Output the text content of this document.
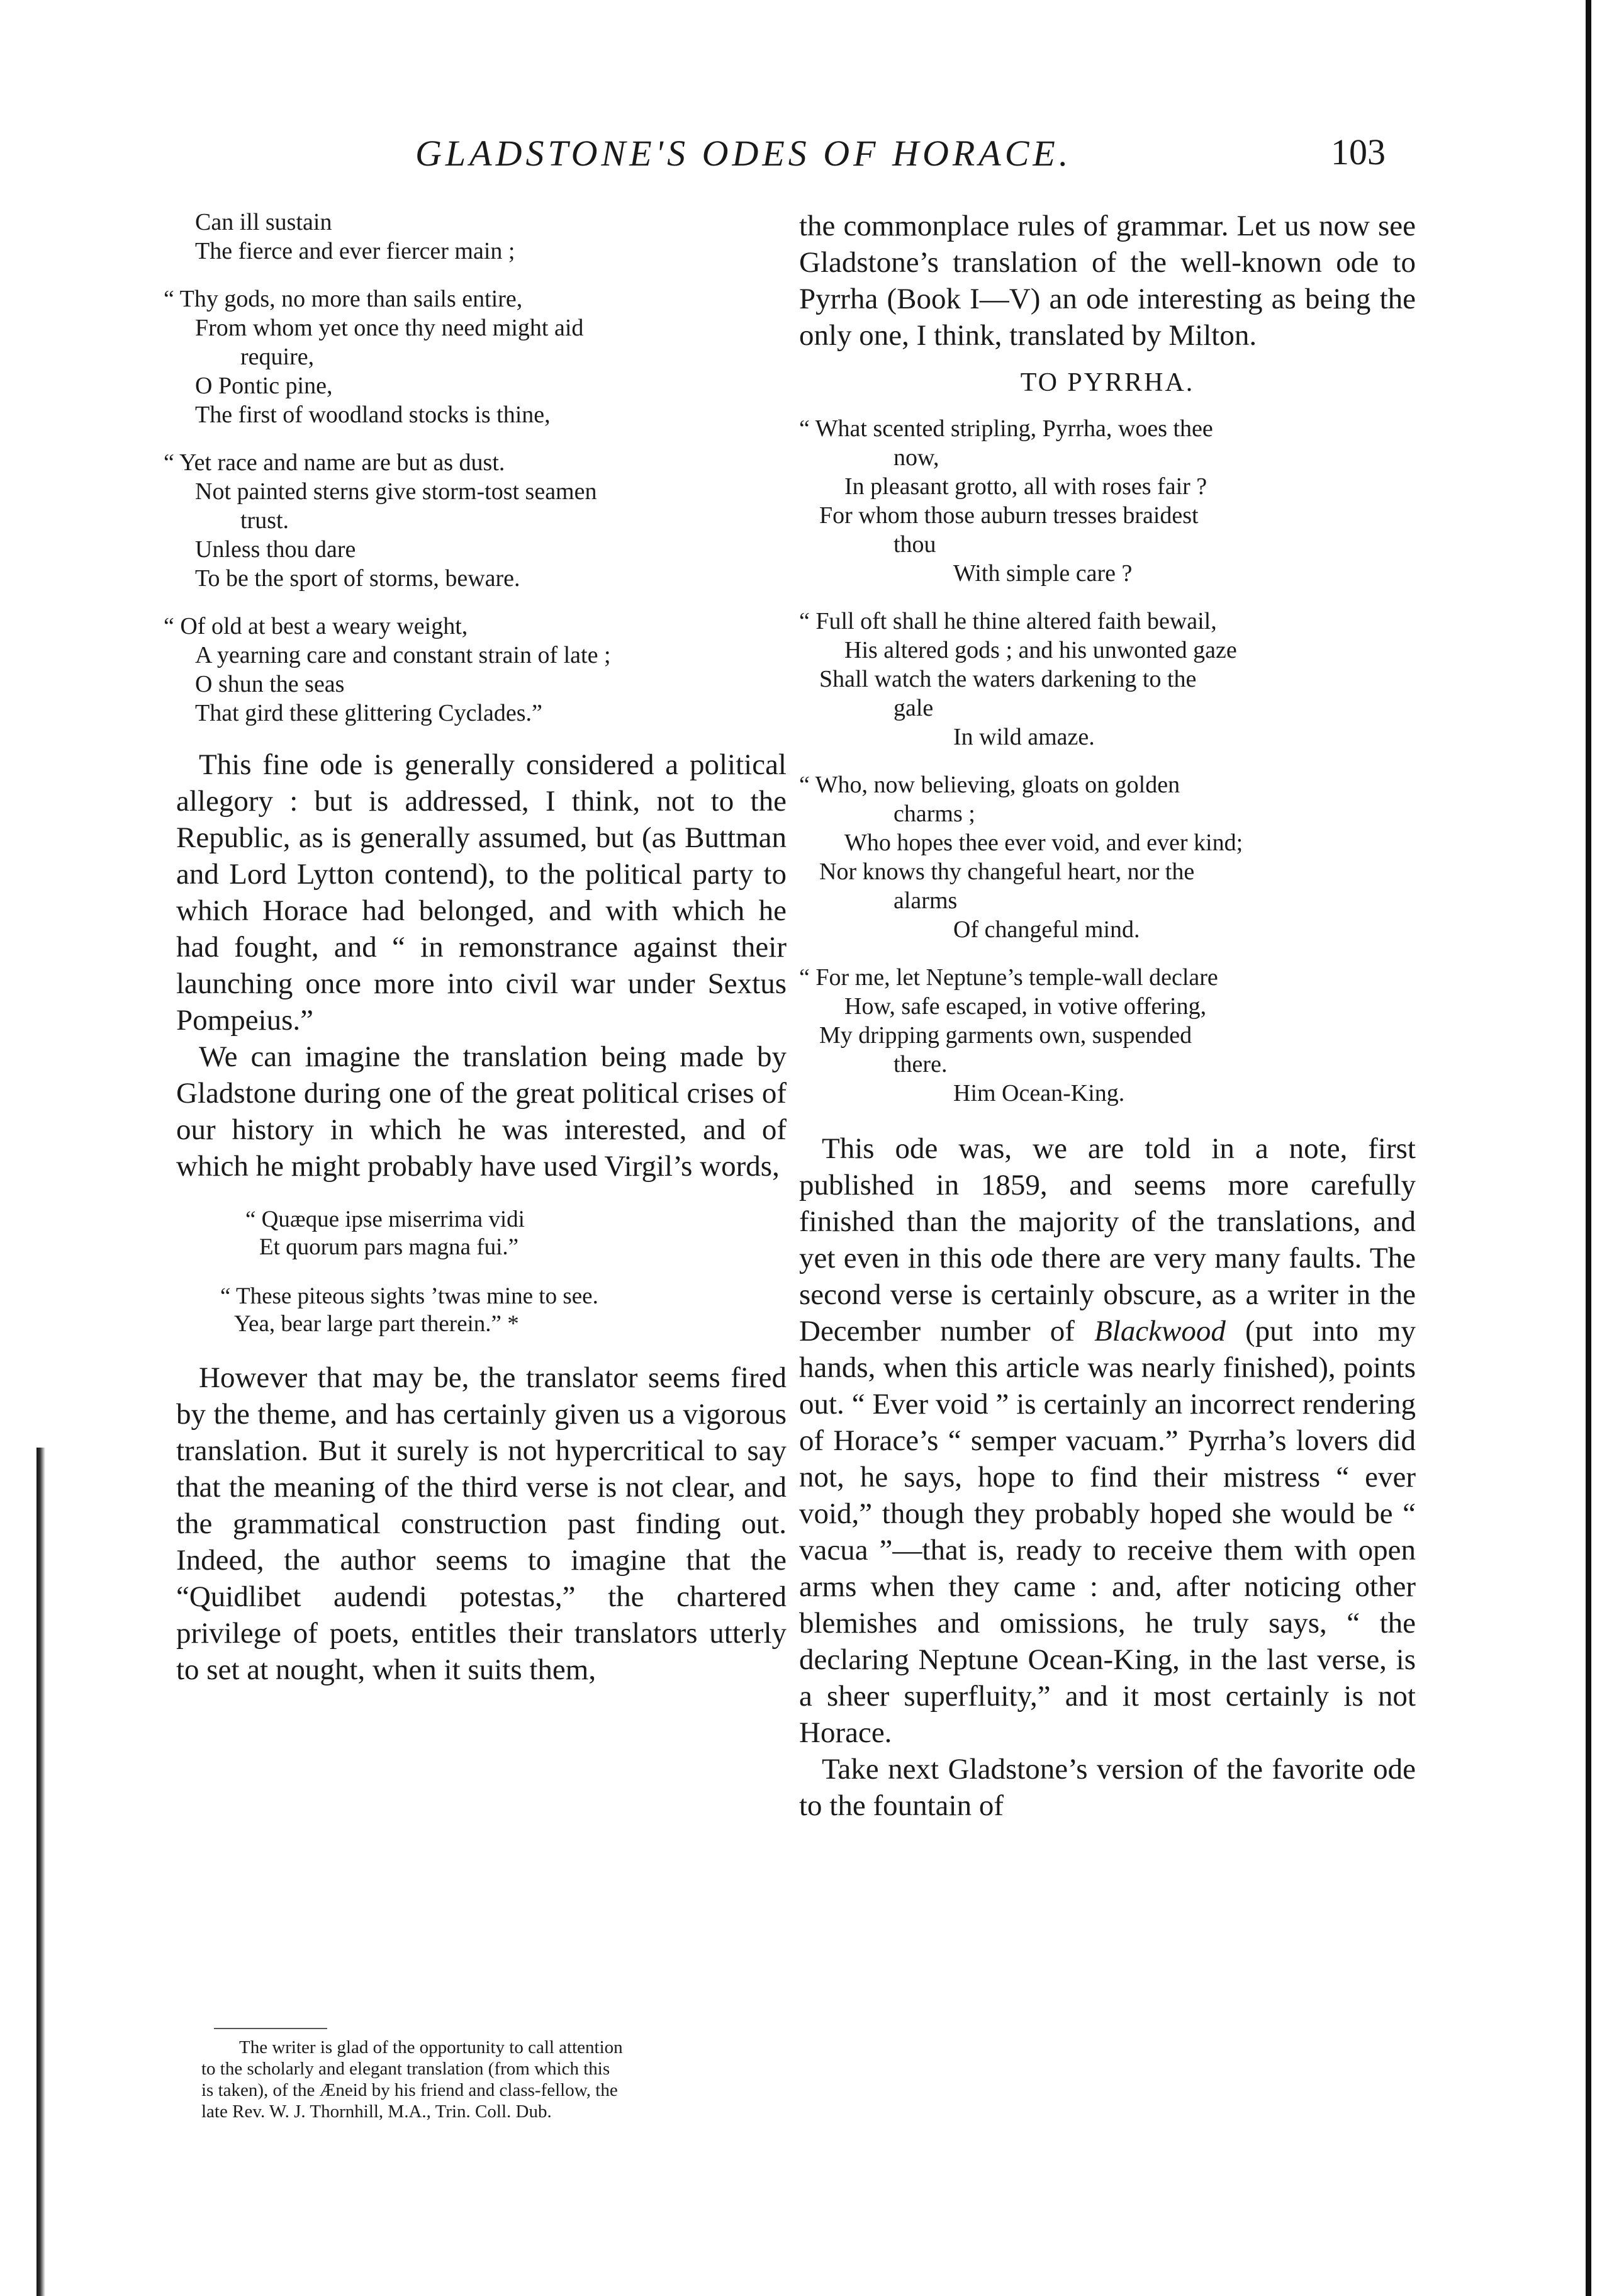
GLADSTONE'S ODES OF HORACE.	103

Can ill sustain

The fierce and ever fiercer main ;

“ Thy gods, no more than sails entire,

From whom yet once thy need might aid

require,

O Pontic pine,

The first of woodland stocks is thine,

“ Yet race and name are but as dust.

Not painted sterns give storm-tost seamen

trust.

Unless thou dare

To be the sport of storms, beware.

“ Of old at best a weary weight,

A yearning care and constant strain of late ;

O shun the seas

That gird these glittering Cyclades.”

This fine ode is generally considered a political allegory : but is addressed, I think, not to the Republic, as is generally assumed, but (as Buttman and Lord Lytton contend), to the political party to which Horace had belonged, and with which he had fought, and “ in remonstrance against their launching once more into civil war under Sextus Pompeius.”

We can imagine the translation being made by Gladstone during one of the great political crises of our history in which he was interested, and of which he might probably have used Virgil’s words,

“ Quæque ipse miserrima vidi

Et quorum pars magna fui.”

“ These piteous sights ’twas mine to see.

Yea, bear large part therein.” *

However that may be, the translator seems fired by the theme, and has certainly given us a vigorous translation. But it surely is not hypercritical to say that the meaning of the third verse is not clear, and the grammatical construction past finding out. Indeed, the author seems to imagine that the “Quidlibet audendi potestas,” the chartered privilege of poets, entitles their translators utterly to set at nought, when it suits them,

The writer is glad of the opportunity to call attention

to the scholarly and elegant translation (from which this

is taken), of the Æneid by his friend and class-fellow, the

late Rev. W. J. Thornhill, M.A., Trin. Coll. Dub.

the commonplace rules of grammar. Let us now see Gladstone’s translation of the well-known ode to Pyrrha (Book I—V) an ode interesting as being the only one, I think, translated by Milton.

TO PYRRHA.

“ What scented stripling, Pyrrha, woes thee

now,

In pleasant grotto, all with roses fair ?

For whom those auburn tresses braidest

thou

With simple care ?

“ Full oft shall he thine altered faith bewail,

His altered gods ; and his unwonted gaze

Shall watch the waters darkening to the

gale

In wild amaze.

“ Who, now believing, gloats on golden

charms ;

Who hopes thee ever void, and ever kind;

Nor knows thy changeful heart, nor the

alarms

Of changeful mind.

“ For me, let Neptune’s temple-wall declare

How, safe escaped, in votive offering,

My dripping garments own, suspended

there.

Him Ocean-King.

This ode was, we are told in a note, first published in 1859, and seems more carefully finished than the majority of the translations, and yet even in this ode there are very many faults. The second verse is certainly obscure, as a writer in the December number of Blackwood (put into my hands, when this article was nearly finished), points out. “ Ever void ” is certainly an incorrect rendering of Horace’s “ semper vacuam.” Pyrrha’s lovers did not, he says, hope to find their mistress “ ever void,” though they probably hoped she would be “ vacua ”—that is, ready to receive them with open arms when they came : and, after noticing other blemishes and omissions, he truly says, “ the declaring Neptune Ocean-King, in the last verse, is a sheer superfluity,” and it most certainly is not Horace.

Take next Gladstone’s version of the favorite ode to the fountain of
